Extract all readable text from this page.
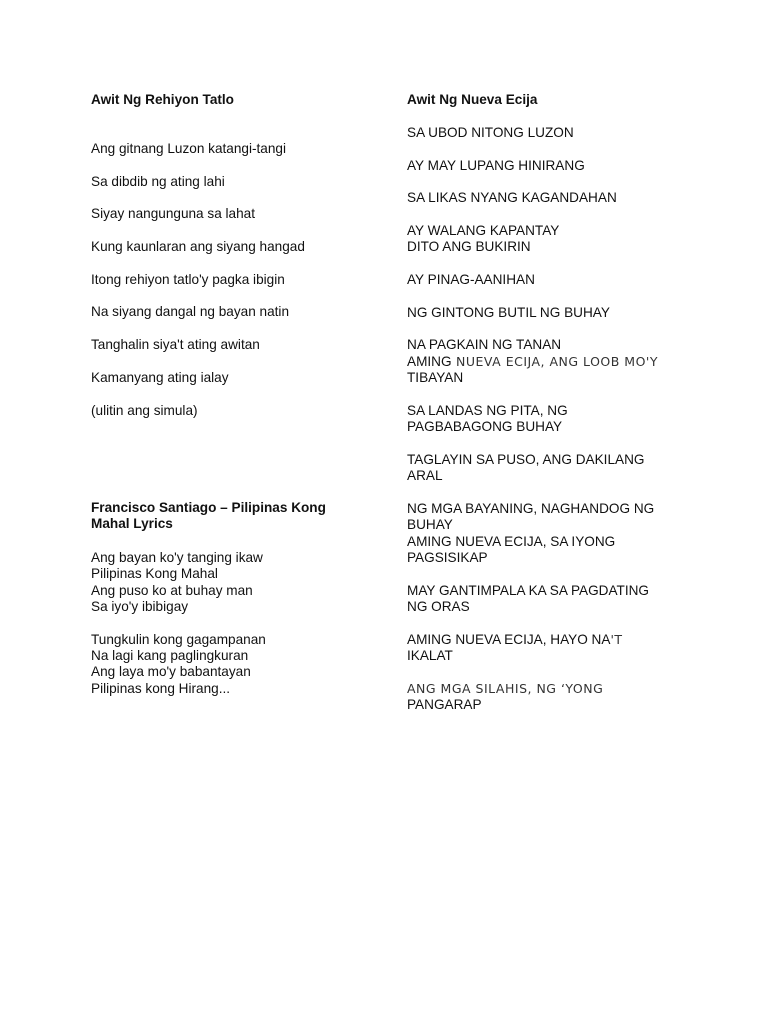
Awit Ng Rehiyon Tatlo
Ang gitnang Luzon katangi-tangi
Sa dibdib ng ating lahi
Siyay nangunguna sa lahat
Kung kaunlaran ang siyang hangad
Itong rehiyon tatlo'y pagka ibigin
Na siyang dangal ng bayan natin
Tanghalin siya't ating awitan
Kamanyang ating ialay
(ulitin ang simula)
Francisco Santiago – Pilipinas Kong
Mahal Lyrics
Ang bayan ko'y tanging ikaw
Pilipinas Kong Mahal
Ang puso ko at buhay man
Sa iyo'y ibibigay
Tungkulin kong gagampanan
Na lagi kang paglingkuran
Ang laya mo'y babantayan
Pilipinas kong Hirang...
Awit Ng Nueva Ecija
SA UBOD NITONG LUZON
AY MAY LUPANG HINIRANG
SA LIKAS NYANG KAGANDAHAN
AY WALANG KAPANTAY
DITO ANG BUKIRIN
AY PINAG-AANIHAN
NG GINTONG BUTIL NG BUHAY
NA PAGKAIN NG TANAN
AMING NUEVA ECIJA, ANG LOOB MO'Y
TIBAYAN
SA LANDAS NG PITA, NG
PAGBABAGONG BUHAY
TAGLAYIN SA PUSO, ANG DAKILANG
ARAL
NG MGA BAYANING, NAGHANDOG NG
BUHAY
AMING NUEVA ECIJA, SA IYONG
PAGSISIKAP
MAY GANTIMPALA KA SA PAGDATING
NG ORAS
AMING NUEVA ECIJA, HAYO NA'T
IKALAT
ANG MGA SILAHIS, NG ‘YONG
PANGARAP
